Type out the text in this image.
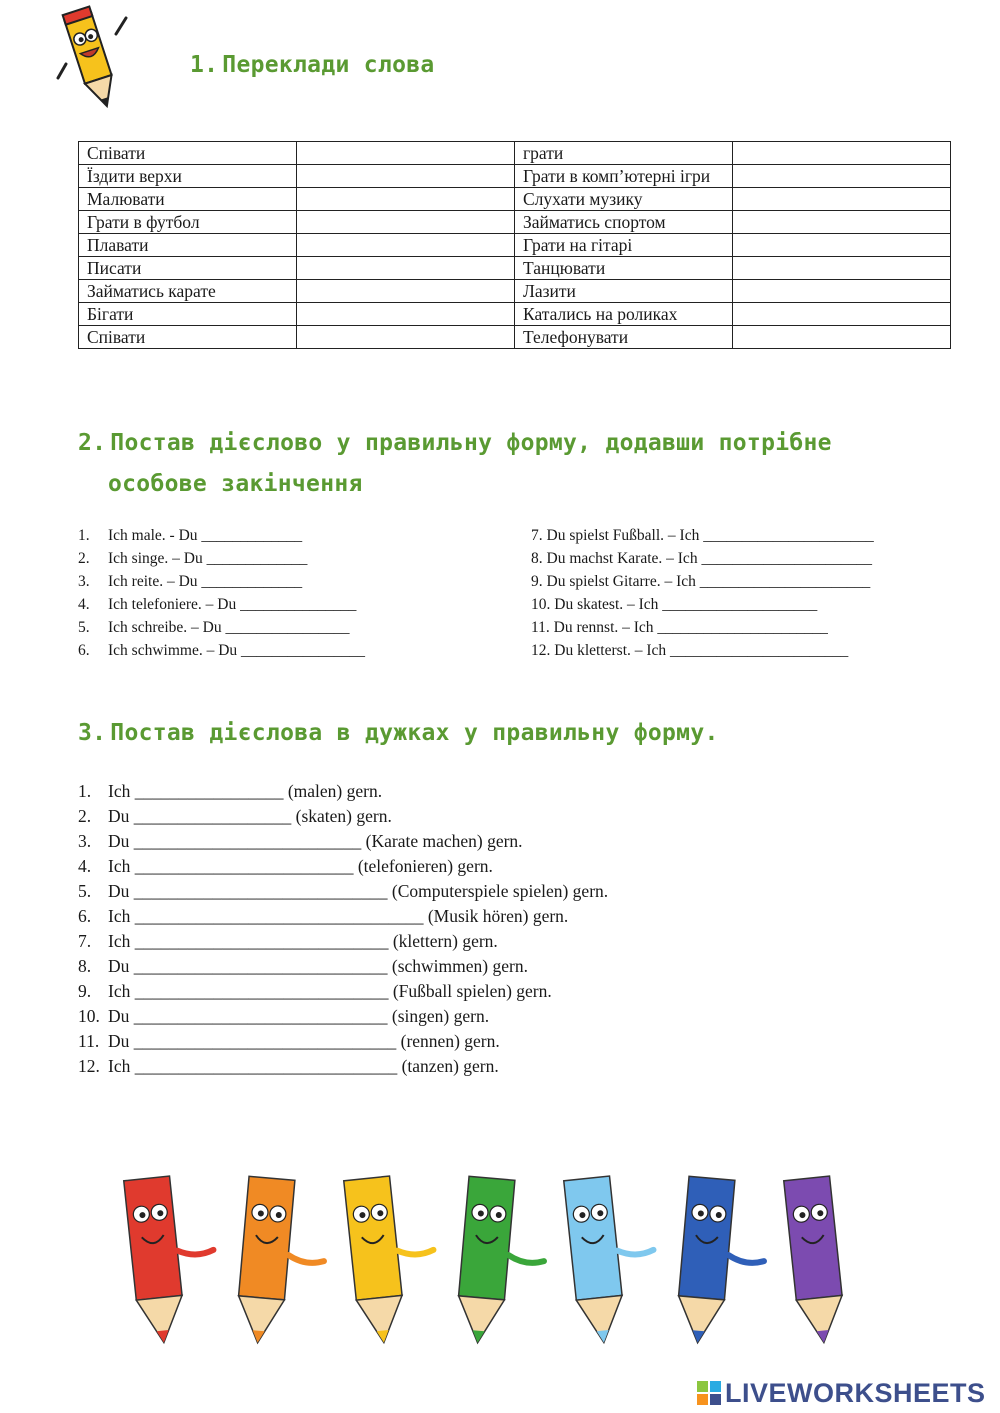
1. Переклади слова
Співати		грати	
Їздити верхи		Грати в комп’ютерні ігри	
Малювати		Слухати музику	
Грати в футбол		Займатись спортом	
Плавати		Грати на гітарі	
Писати		Танцювати	
Займатись карате		Лазити	
Бігати		Катались на роликах	
Співати		Телефонувати	
2. Постав дієслово у правильну форму, додавши потрібне
особове закінчення
1. Ich male. - Du _____________
2. Ich singe. – Du _____________
3. Ich reite. – Du _____________
4. Ich telefoniere. – Du _______________
5. Ich schreibe. – Du ________________
6. Ich schwimme. – Du ________________
7. Du spielst Fußball. – Ich ______________________
8. Du machst Karate. – Ich ______________________
9. Du spielst Gitarre. – Ich ______________________
10. Du skatest. – Ich ____________________
11. Du rennst. – Ich ______________________
12. Du kletterst. – Ich _______________________
3. Постав дієслова в дужках у правильну форму.
1. Ich _________________ (malen) gern.
2. Du __________________ (skaten) gern.
3. Du __________________________ (Karate machen) gern.
4. Ich _________________________ (telefonieren) gern.
5. Du _____________________________ (Computerspiele spielen) gern.
6. Ich _________________________________ (Musik hören) gern.
7. Ich _____________________________ (klettern) gern.
8. Du _____________________________ (schwimmen) gern.
9. Ich _____________________________ (Fußball spielen) gern.
10. Du _____________________________ (singen) gern.
11. Du ______________________________ (rennen) gern.
12. Ich ______________________________ (tanzen) gern.
LIVEWORKSHEETS
